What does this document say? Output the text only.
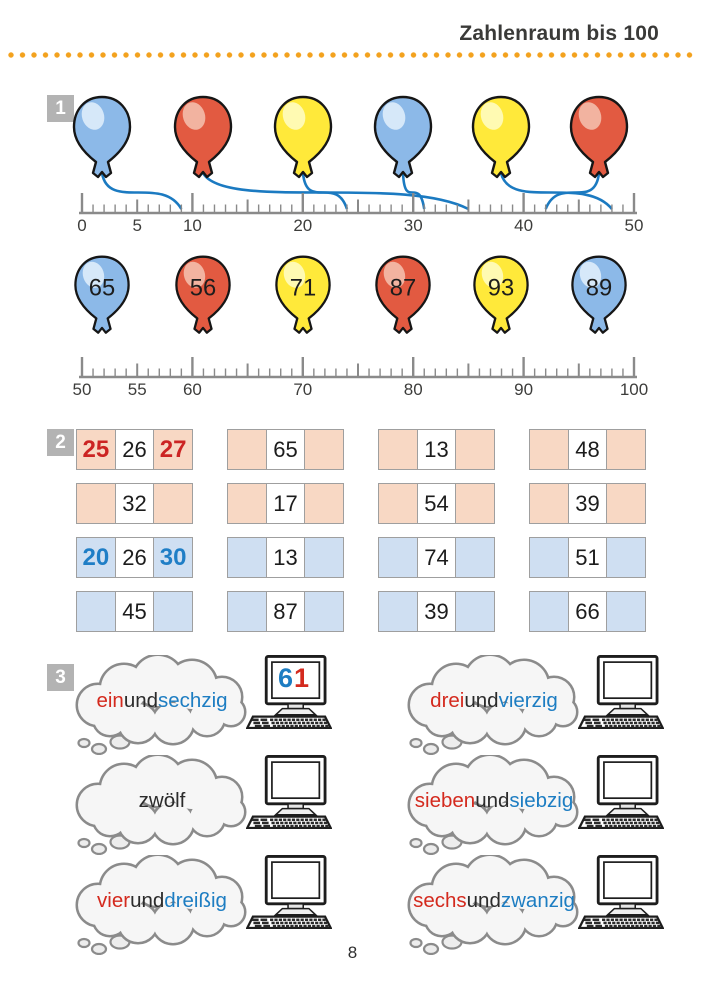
Zahlenraum bis 100
1
0	5 10	20	30	40	50
65	56	71	87	93	89
50 55 60	70	80	90	100
2 25 26 27	65	13	48
32	17	54	39
20 26 30	13	74	51
45	87	39	66
3
ein und sechzig
6 1
drei und vierzig
zwölf	sieben und siebzig
vier und dreißig	sechs und zwanzig
8
